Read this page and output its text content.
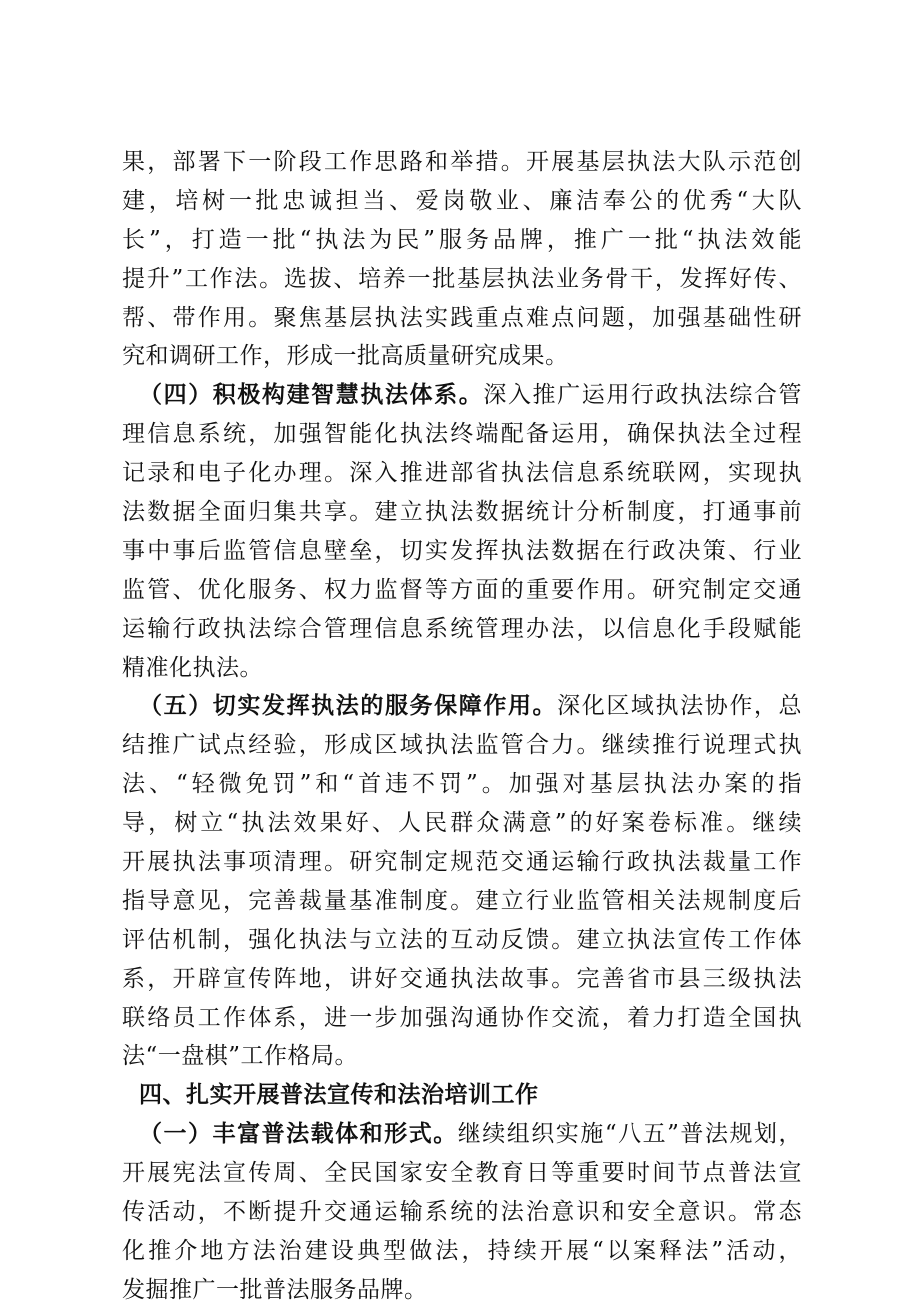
果，部署下一阶段工作思路和举措。开展基层执法大队示范创
建，培树一批忠诚担当、爱岗敬业、廉洁奉公的优秀“大队
长”，打造一批“执法为民”服务品牌，推广一批“执法效能
提升”工作法。选拔、培养一批基层执法业务骨干，发挥好传、
帮、带作用。聚焦基层执法实践重点难点问题，加强基础性研
究和调研工作，形成一批高质量研究成果。
（四）积极构建智慧执法体系。深入推广运用行政执法综合管
理信息系统，加强智能化执法终端配备运用，确保执法全过程
记录和电子化办理。深入推进部省执法信息系统联网，实现执
法数据全面归集共享。建立执法数据统计分析制度，打通事前
事中事后监管信息壁垒，切实发挥执法数据在行政决策、行业
监管、优化服务、权力监督等方面的重要作用。研究制定交通
运输行政执法综合管理信息系统管理办法，以信息化手段赋能
精准化执法。
（五）切实发挥执法的服务保障作用。深化区域执法协作，总
结推广试点经验，形成区域执法监管合力。继续推行说理式执
法、“轻微免罚”和“首违不罚”。加强对基层执法办案的指
导，树立“执法效果好、人民群众满意”的好案卷标准。继续
开展执法事项清理。研究制定规范交通运输行政执法裁量工作
指导意见，完善裁量基准制度。建立行业监管相关法规制度后
评估机制，强化执法与立法的互动反馈。建立执法宣传工作体
系，开辟宣传阵地，讲好交通执法故事。完善省市县三级执法
联络员工作体系，进一步加强沟通协作交流，着力打造全国执
法“一盘棋”工作格局。
四、扎实开展普法宣传和法治培训工作
（一）丰富普法载体和形式。继续组织实施“八五”普法规划，
开展宪法宣传周、全民国家安全教育日等重要时间节点普法宣
传活动，不断提升交通运输系统的法治意识和安全意识。常态
化推介地方法治建设典型做法，持续开展“以案释法”活动，
发掘推广一批普法服务品牌。
